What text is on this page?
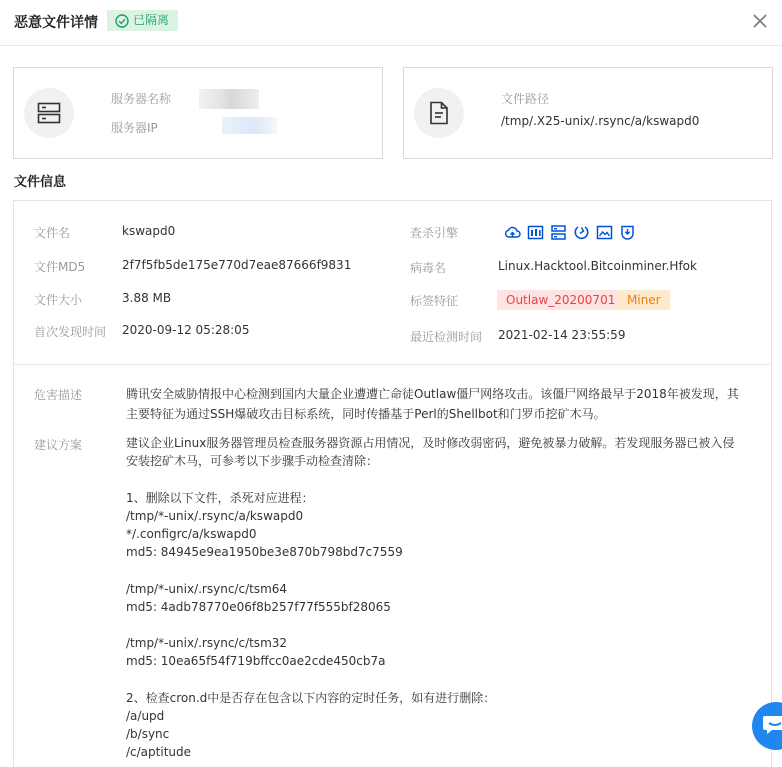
恶意文件详情	已隔离
服务器名称
服务器IP
文件路径
/tmp/.X25-unix/.rsync/a/kswapd0
文件信息
文件名	kswapd0
文件MD5	2f7f5fb5de175e770d7eae87666f9831
文件大小	3.88 MB
首次发现时间 2020-09-12 05:28:05
查杀引擎
病毒名	Linux.Hacktool.Bitcoinminer.Hfok
标签特征	Outlaw_20200701 Miner
最近检测时间 2021-02-14 23:55:59
危害描述	腾讯安全威胁情报中心检测到国内大量企业遭遭亡命徒Outlaw僵尸网络攻击。该僵尸网络最早于2018年被发现，其主要特征为通过SSH爆破攻击目标系统，同时传播基于Perl的Shellbot和门罗币挖矿木马。
建议方案	建议企业Linux服务器管理员检查服务器资源占用情况，及时修改弱密码，避免被暴力破解。若发现服务器已被入侵安装挖矿木马，可参考以下步骤手动检查清除：

1、删除以下文件，杀死对应进程：
/tmp/*-unix/.rsync/a/kswapd0
*/.configrc/a/kswapd0
md5: 84945e9ea1950be3e870b798bd7c7559

/tmp/*-unix/.rsync/c/tsm64
md5: 4adb78770e06f8b257f77f555bf28065

/tmp/*-unix/.rsync/c/tsm32
md5: 10ea65f54f719bffcc0ae2cde450cb7a

2、检查cron.d中是否存在包含以下内容的定时任务，如有进行删除：
/a/upd
/b/sync
/c/aptitude
